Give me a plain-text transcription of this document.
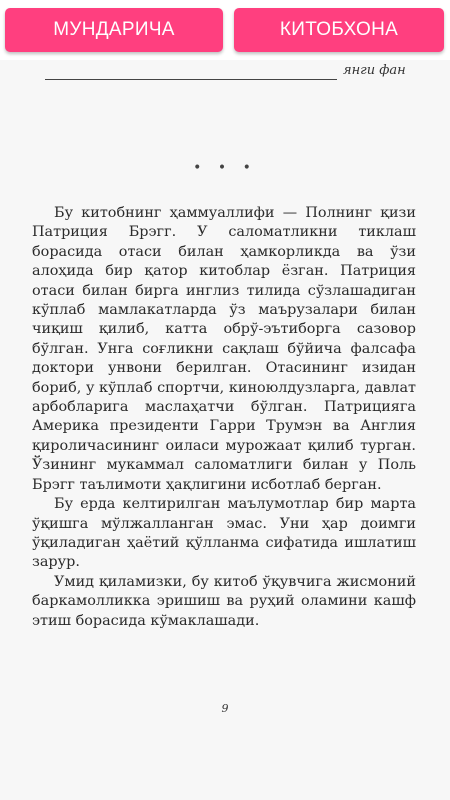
МУНДАРИЧА	КИТОБХОНА
янги фан
• • •

Бу китобнинг ҳаммуаллифи — Полнинг қизи Патриция Брэгг. У саломатликни тиклаш борасида отаси билан ҳамкорликда ва ўзи алоҳида бир қатор китоблар ёзган. Патриция отаси билан бирга инглиз тилида сўзлашадиган кўплаб мамлакатларда ўз маърузалари билан чиқиш қилиб, катта обрў-эътиборга сазовор бўлган. Унга соғликни сақлаш бўйича фалсафа доктори унвони берилган. Отасининг изидан бориб, у кўплаб спортчи, киноюлдузларга, давлат арбобларига маслаҳатчи бўлган. Патрицияга Америка президенти Гарри Трумэн ва Англия қироличасининг оиласи мурожаат қилиб турган. Ўзининг мукаммал саломатлиги билан у Поль Брэгг таълимоти ҳақлигини исботлаб берган.

Бу ерда келтирилган маълумотлар бир марта ўқишга мўлжалланган эмас. Уни ҳар доимги ўқиладиган ҳаётий қўлланма сифатида ишлатиш зарур.

Умид қиламизки, бу китоб ўқувчига жисмоний баркамолликка эришиш ва руҳий оламини кашф этиш борасида кўмаклашади.

9
